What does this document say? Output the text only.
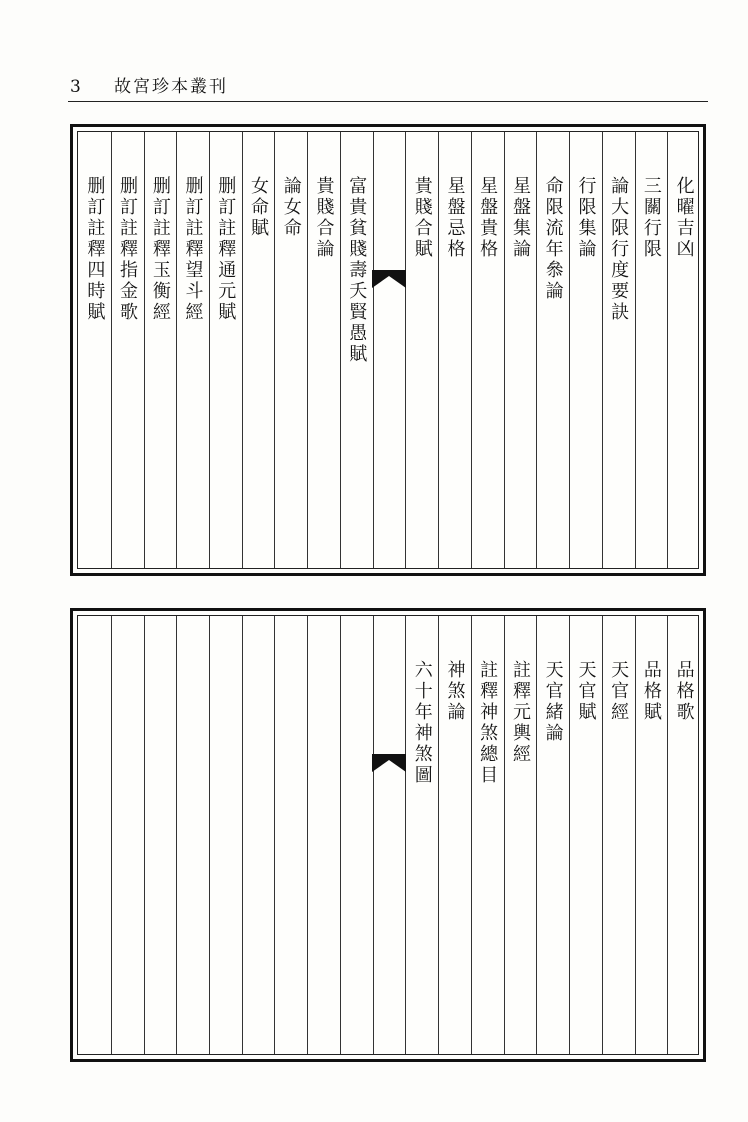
3 故宮珍本叢刊
化曜吉凶
三關行限
論大限行度要訣
行限集論
命限流年叅論
星盤集論
星盤貴格
星盤忌格
貴賤合賦
富貴貧賤壽夭賢愚賦
貴賤合論
論女命
女命賦
删訂註釋通元賦
删訂註釋望斗經
删訂註釋玉衡經
删訂註釋指金歌
删訂註釋四時賦
品格歌
品格賦
天官經
天官賦
天官緒論
註釋元輿經
註釋神煞總目
神煞論
六十年神煞圖
